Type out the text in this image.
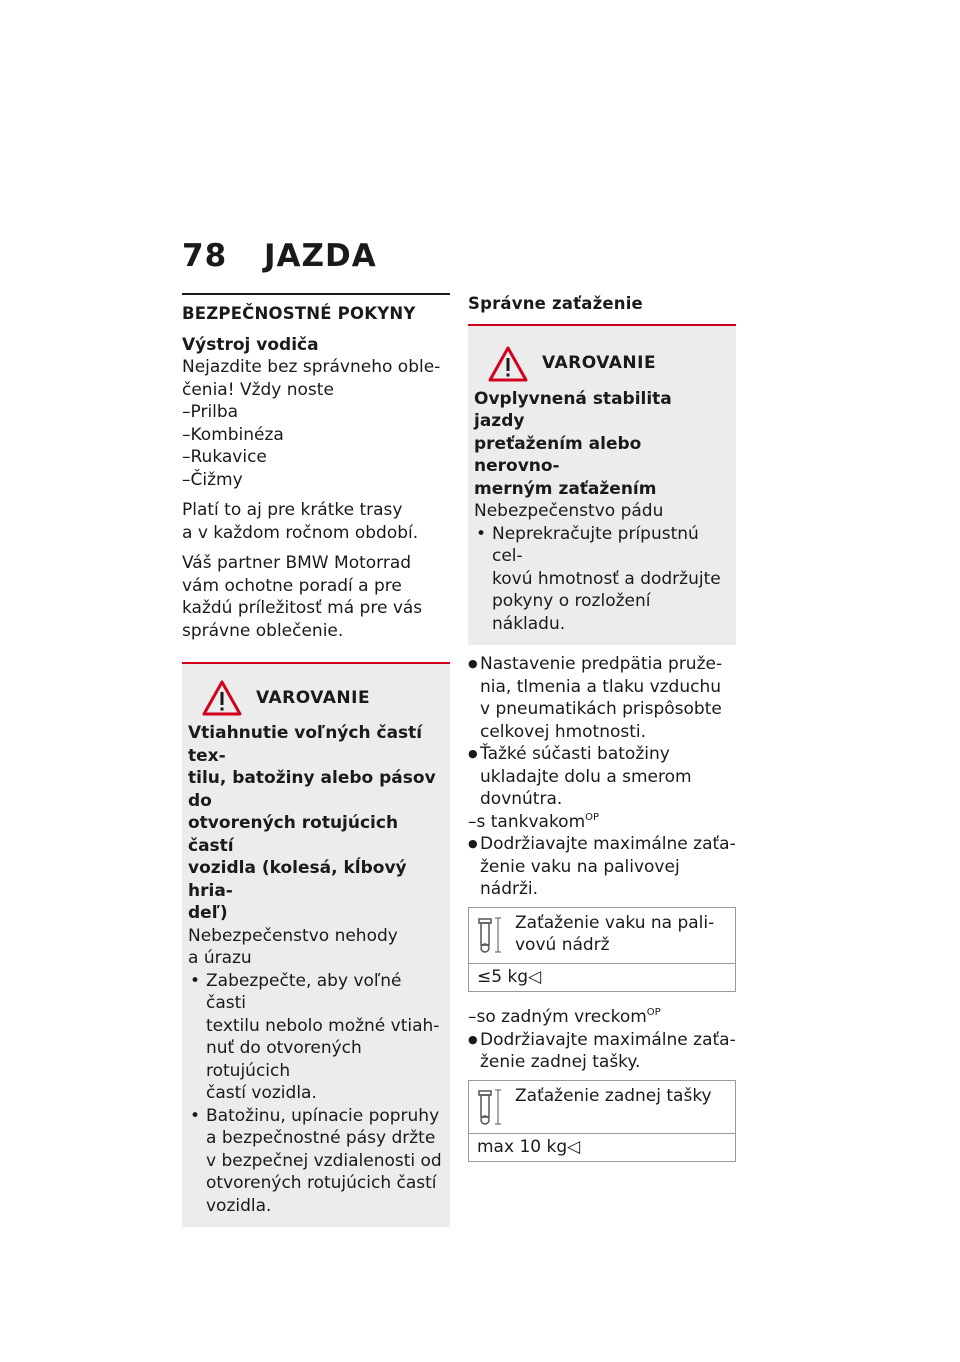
78 JAZDA
BEZPEČNOSTNÉ POKYNY
Výstroj vodiča

Nejazdite bez správneho oble-

čenia! Vždy noste

–Prilba

–Kombinéza

–Rukavice

–Čižmy

Platí to aj pre krátke trasy

a v každom ročnom období.

Váš partner BMW Motorrad

vám ochotne poradí a pre

každú príležitosť má pre vás

správne oblečenie.

VAROVANIE

Vtiahnutie voľných častí tex-

tilu, batožiny alebo pásov do

otvorených rotujúcich častí

vozidla (kolesá, kĺbový hria-

deľ)

Nebezpečenstvo nehody

a úrazu

• Zabezpečte, aby voľné časti

textilu nebolo možné vtiah-

nuť do otvorených rotujúcich

častí vozidla.

• Batožinu, upínacie popruhy

a bezpečnostné pásy držte

v bezpečnej vzdialenosti od

otvorených rotujúcich častí

vozidla.

Správne zaťaženie
VAROVANIE

Ovplyvnená stabilita jazdy

preťažením alebo nerovno-

merným zaťažením

Nebezpečenstvo pádu

• Neprekračujte prípustnú cel-

kovú hmotnosť a dodržujte

pokyny o rozložení nákladu.

● Nastavenie predpätia pruže-

nia, tlmenia a tlaku vzduchu

v pneumatikách prispôsobte

celkovej hmotnosti.

● Ťažké súčasti batožiny

ukladajte dolu a smerom

dovnútra.

–s tankvakom$^{OP}$

● Dodržiavajte maximálne zaťa-

ženie vaku na palivovej nádrži.

Zaťaženie vaku na pali-

vovú nádrž

≤5 kg◁

–so zadným vreckom$^{OP}$

● Dodržiavajte maximálne zaťa-

ženie zadnej tašky.

Zaťaženie zadnej tašky

max 10 kg◁
